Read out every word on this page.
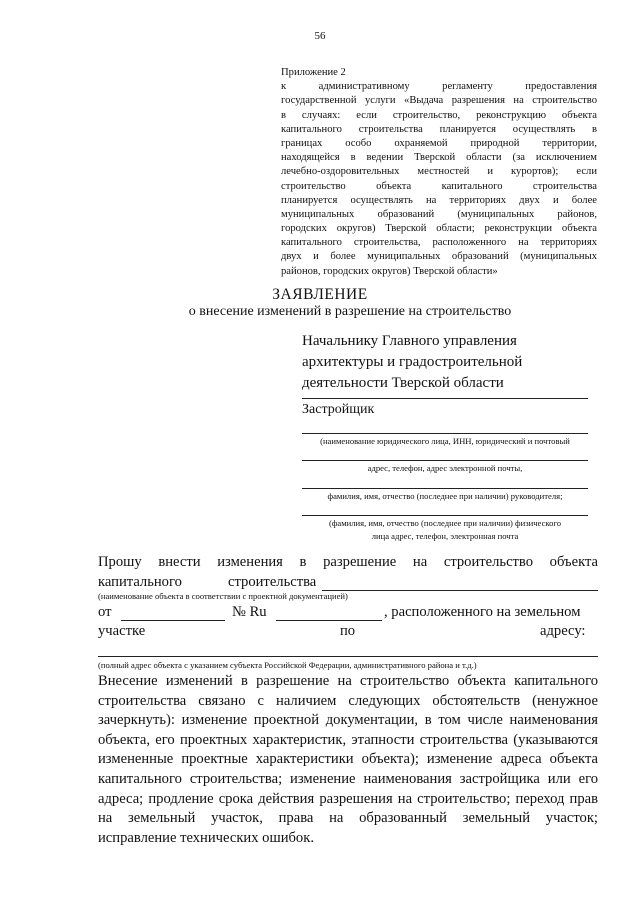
56
Приложение 2
к административному регламенту предоставления
государственной услуги «Выдача разрешения на строительство
в случаях: если строительство, реконструкцию объекта
капитального строительства планируется осуществлять в
границах особо охраняемой природной территории,
находящейся в ведении Тверской области (за исключением
лечебно-оздоровительных местностей и курортов); если
строительство объекта капитального строительства
планируется осуществлять на территориях двух и более
муниципальных образований (муниципальных районов,
городских округов) Тверской области; реконструкции объекта
капитального строительства, расположенного на территориях
двух и более муниципальных образований (муниципальных
районов, городских округов) Тверской области»
ЗАЯВЛЕНИЕ
о внесение изменений в разрешение на строительство
Начальнику Главного управления
архитектуры и градостроительной
деятельности Тверской области
Застройщик
(наименование юридического лица, ИНН, юридический и почтовый
адрес, телефон, адрес электронной почты,
фамилия, имя, отчество (последнее при наличии) руководителя;
(фамилия, имя, отчество (последнее при наличии) физического
лица адрес, телефон, электронная почта
Прошу внести изменения в разрешение на строительство объекта
капитального	строительства
(наименование объекта в соответствии с проектной документацией)
от	№ Ru	, расположенного на земельном
участке	по	адресу:
(полный адрес объекта с указанием субъекта Российской Федерации, административного района и т.д.)
Внесение изменений в разрешение на строительство объекта капитального
строительства связано с наличием следующих обстоятельств (ненужное
зачеркнуть): изменение проектной документации, в том числе наименования
объекта, его проектных характеристик, этапности строительства (указываются
измененные проектные характеристики объекта); изменение адреса объекта
капитального строительства; изменение наименования застройщика или его
адреса; продление срока действия разрешения на строительство; переход прав
на земельный участок, права на образованный земельный участок;
исправление технических ошибок.
